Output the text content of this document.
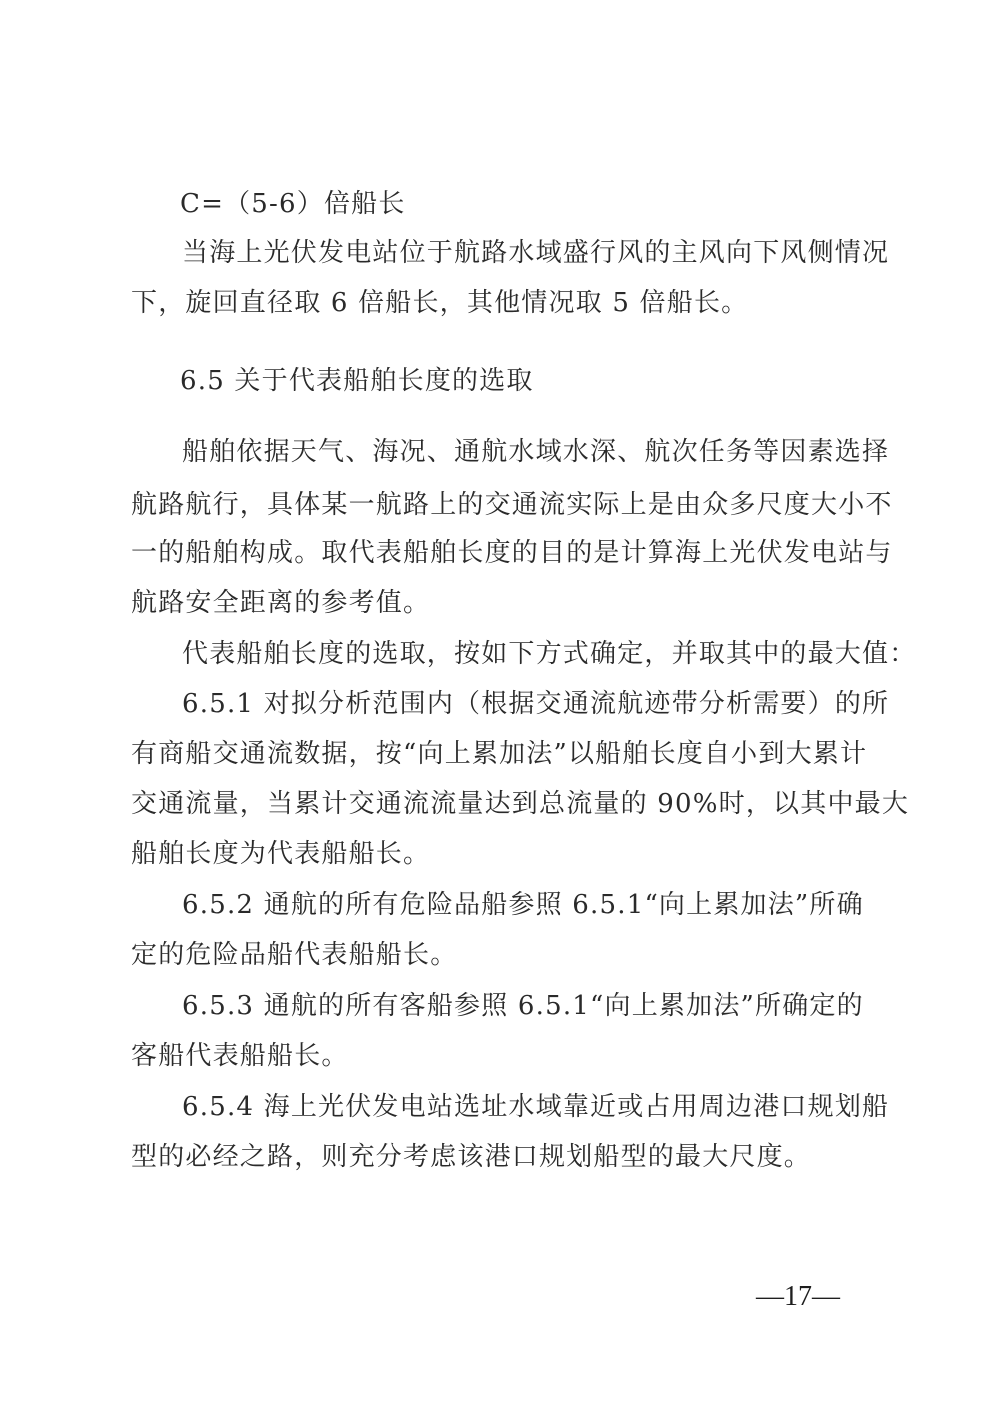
C=（5-6）倍船长
当海上光伏发电站位于航路水域盛行风的主风向下风侧情况
下，旋回直径取 6 倍船长，其他情况取 5 倍船长。
6.5 关于代表船舶长度的选取
船舶依据天气、海况、通航水域水深、航次任务等因素选择
航路航行，具体某一航路上的交通流实际上是由众多尺度大小不
一的船舶构成。取代表船舶长度的目的是计算海上光伏发电站与
航路安全距离的参考值。
代表船舶长度的选取，按如下方式确定，并取其中的最大值：
6.5.1 对拟分析范围内（根据交通流航迹带分析需要）的所
有商船交通流数据，按“向上累加法”以船舶长度自小到大累计
交通流量，当累计交通流流量达到总流量的 90%时，以其中最大
船舶长度为代表船船长。
6.5.2 通航的所有危险品船参照 6.5.1“向上累加法”所确
定的危险品船代表船船长。
6.5.3 通航的所有客船参照 6.5.1“向上累加法”所确定的
客船代表船船长。
6.5.4 海上光伏发电站选址水域靠近或占用周边港口规划船
型的必经之路，则充分考虑该港口规划船型的最大尺度。
—17—
